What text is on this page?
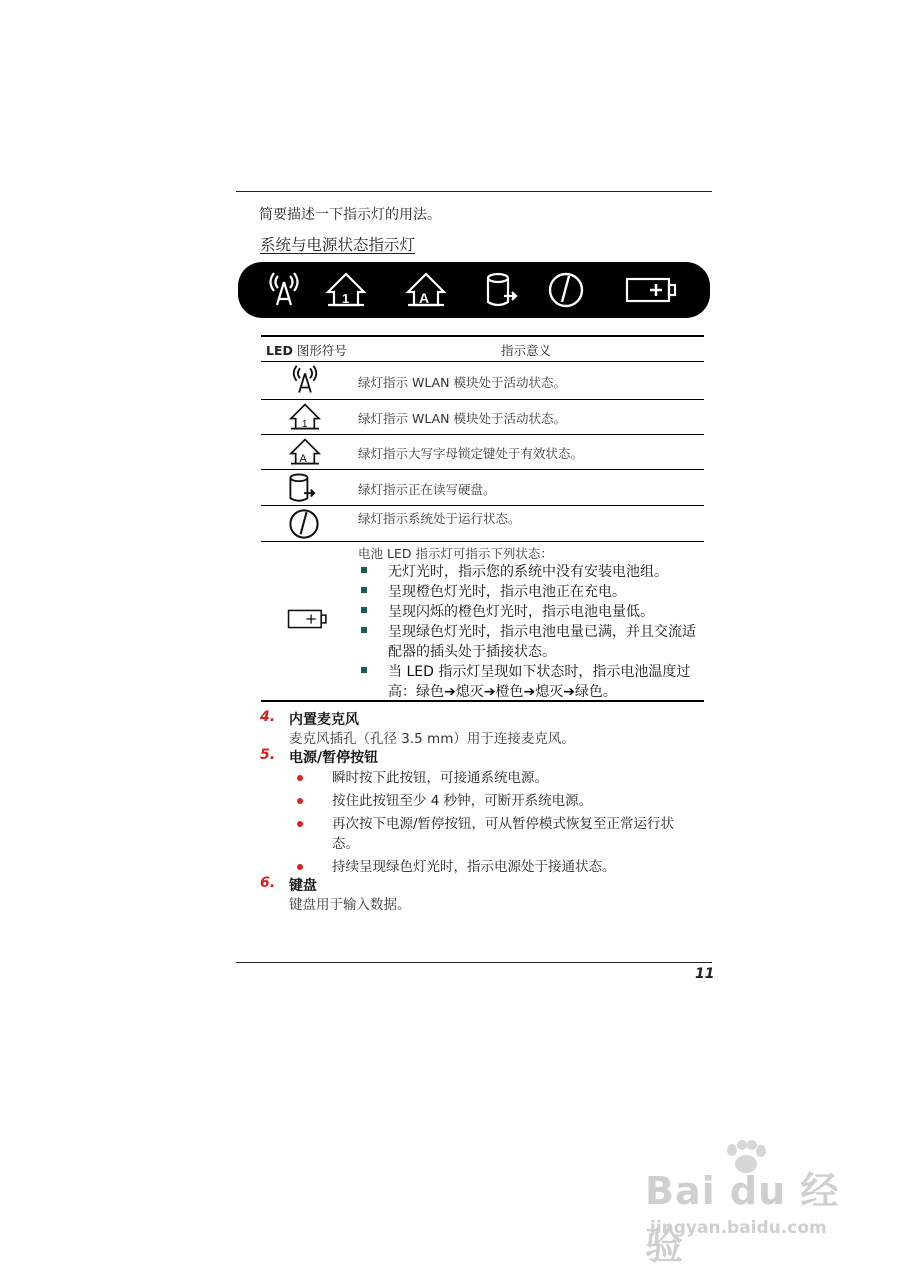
简要描述一下指示灯的用法。
系统与电源状态指示灯
1	A
LED 图形符号	指示意义
绿灯指示 WLAN 模块处于活动状态。
1	绿灯指示 WLAN 模块处于活动状态。
A	绿灯指示大写字母锁定键处于有效状态。
绿灯指示正在读写硬盘。
绿灯指示系统处于运行状态。
电池 LED 指示灯可指示下列状态：
无灯光时，指示您的系统中没有安装电池组。
呈现橙色灯光时，指示电池正在充电。
呈现闪烁的橙色灯光时，指示电池电量低。
呈现绿色灯光时，指示电池电量已满，并且交流适配器的插头处于插接状态。
当 LED 指示灯呈现如下状态时，指示电池温度过高：绿色➔熄灭➔橙色➔熄灭➔绿色。
4. 内置麦克风
麦克风插孔（孔径 3.5 mm）用于连接麦克风。
5. 电源/暂停按钮
瞬时按下此按钮，可接通系统电源。
按住此按钮至少 4 秒钟，可断开系统电源。
再次按下电源/暂停按钮，可从暂停模式恢复至正常运行状态。
持续呈现绿色灯光时，指示电源处于接通状态。
6. 键盘
键盘用于输入数据。
11
Bai du 经验
jingyan.baidu.com
